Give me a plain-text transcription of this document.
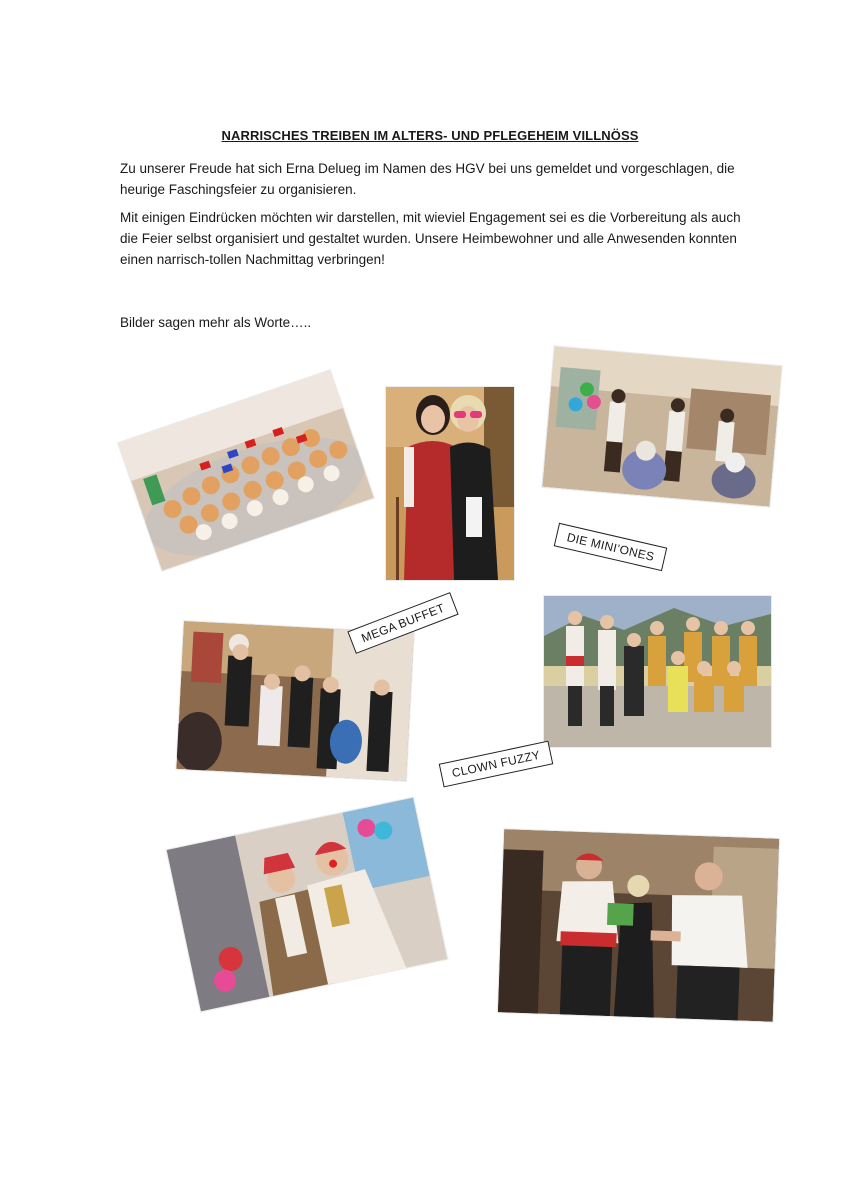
NARRISCHES TREIBEN IM ALTERS- UND PFLEGEHEIM VILLNÖSS

Zu unserer Freude hat sich Erna Delueg im Namen des HGV bei uns gemeldet und vorgeschlagen, die heurige Faschingsfeier zu organisieren.

Mit einigen Eindrücken möchten wir darstellen, mit wieviel Engagement sei es die Vorbereitung als auch die Feier selbst organisiert und gestaltet wurden. Unsere Heimbewohner und alle Anwesenden konnten einen narrisch-tollen Nachmittag verbringen!

Bilder sagen mehr als Worte…..

DIE MINI’ONES
MEGA BUFFET
CLOWN FUZZY
